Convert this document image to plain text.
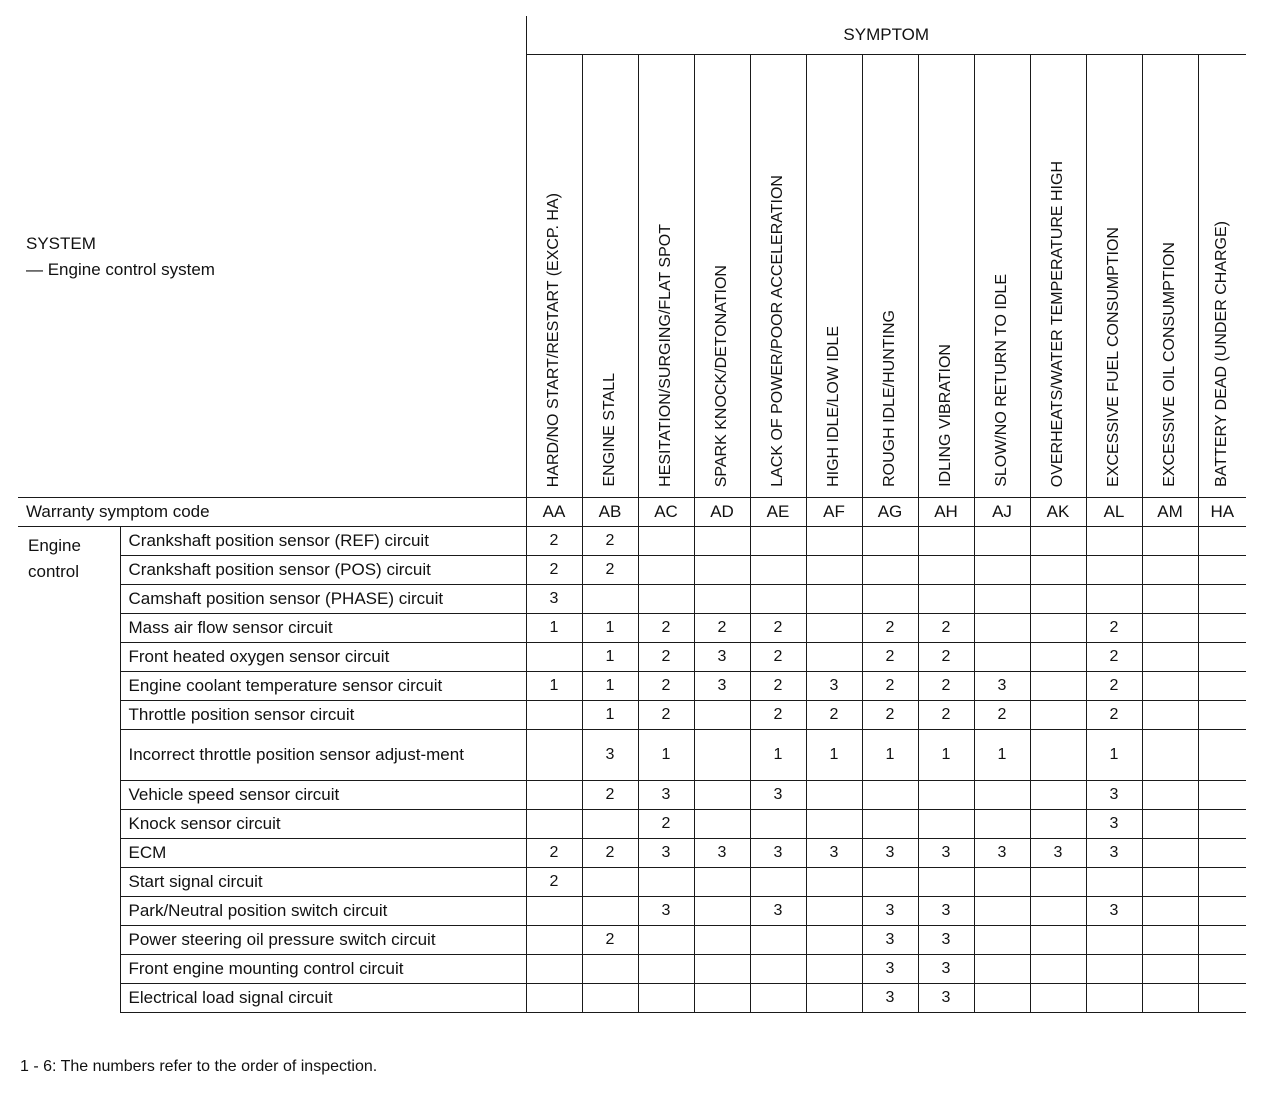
SYSTEM
— Engine control system		SYMPTOM												

		HARD/NO START/RESTART (EXCP. HA)	ENGINE STALL	HESITATION/SURGING/FLAT SPOT	SPARK KNOCK/DETONATION	LACK OF POWER/POOR ACCELERATION	HIGH IDLE/LOW IDLE	ROUGH IDLE/HUNTING	IDLING VIBRATION	SLOW/NO RETURN TO IDLE	OVERHEATS/WATER TEMPERATURE HIGH	EXCESSIVE FUEL CONSUMPTION	EXCESSIVE OIL CONSUMPTION	BATTERY DEAD (UNDER CHARGE)

Warranty symptom code		AA	AB	AC	AD	AE	AF	AG	AH	AJ	AK	AL	AM	HA

Engine
control	Crankshaft position sensor (REF) circuit	2	2											
	Crankshaft position sensor (POS) circuit	2	2											
	Camshaft position sensor (PHASE) circuit	3												
	Mass air flow sensor circuit	1	1	2	2	2		2	2			2		
	Front heated oxygen sensor circuit		1	2	3	2		2	2			2		
	Engine coolant temperature sensor circuit	1	1	2	3	2	3	2	2	3		2		
	Throttle position sensor circuit		1	2		2	2	2	2	2		2		
	Incorrect throttle position sensor adjust-ment		3	1		1	1	1	1	1		1		
	Vehicle speed sensor circuit		2	3		3						3		
	Knock sensor circuit			2								3		
	ECM	2	2	3	3	3	3	3	3	3	3	3		
	Start signal circuit	2												
	Park/Neutral position switch circuit			3		3		3	3			3		
	Power steering oil pressure switch circuit		2					3	3					
	Front engine mounting control circuit							3	3					
	Electrical load signal circuit							3	3					
1 - 6: The numbers refer to the order of inspection.
